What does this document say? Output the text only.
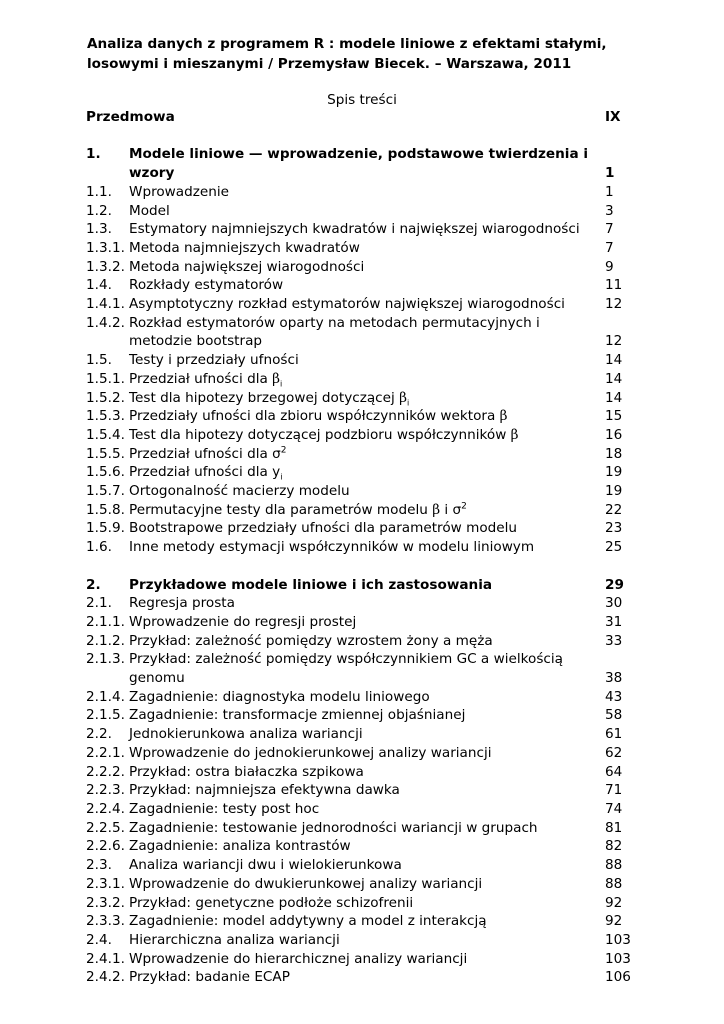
Analiza danych z programem R : modele liniowe z efektami stałymi,
losowymi i mieszanymi / Przemysław Biecek. – Warszawa, 2011
Spis treści
Przedmowa	IX
1.	Modele liniowe — wprowadzenie, podstawowe twierdzenia i wzory	1
1.1.	Wprowadzenie	1
1.2.	Model	3
1.3.	Estymatory najmniejszych kwadratów i największej wiarogodności	7
1.3.1. Metoda najmniejszych kwadratów	7
1.3.2. Metoda największej wiarogodności	9
1.4.	Rozkłady estymatorów	11
1.4.1. Asymptotyczny rozkład estymatorów największej wiarogodności	12
1.4.2. Rozkład estymatorów oparty na metodach permutacyjnych i metodzie bootstrap	12
1.5.	Testy i przedziały ufności	14
1.5.1. Przedział ufności dla $\beta_i$	14
1.5.2. Test dla hipotezy brzegowej dotyczącej $\beta_i$	14
1.5.3. Przedziały ufności dla zbioru współczynników wektora β	15
1.5.4. Test dla hipotezy dotyczącej podzbioru współczynników β	16
1.5.5. Przedział ufności dla $\sigma^2$	18
1.5.6. Przedział ufności dla $y_i$	19
1.5.7. Ortogonalność macierzy modelu	19
1.5.8. Permutacyjne testy dla parametrów modelu β i $\sigma^2$	22
1.5.9. Bootstrapowe przedziały ufności dla parametrów modelu	23
1.6.	Inne metody estymacji współczynników w modelu liniowym	25
2.	Przykładowe modele liniowe i ich zastosowania	29
2.1.	Regresja prosta	30
2.1.1. Wprowadzenie do regresji prostej	31
2.1.2. Przykład: zależność pomiędzy wzrostem żony a męża	33
2.1.3. Przykład: zależność pomiędzy współczynnikiem GC a wielkością genomu	38
2.1.4. Zagadnienie: diagnostyka modelu liniowego	43
2.1.5. Zagadnienie: transformacje zmiennej objaśnianej	58
2.2.	Jednokierunkowa analiza wariancji	61
2.2.1. Wprowadzenie do jednokierunkowej analizy wariancji	62
2.2.2. Przykład: ostra białaczka szpikowa	64
2.2.3. Przykład: najmniejsza efektywna dawka	71
2.2.4. Zagadnienie: testy post hoc	74
2.2.5. Zagadnienie: testowanie jednorodności wariancji w grupach	81
2.2.6. Zagadnienie: analiza kontrastów	82
2.3.	Analiza wariancji dwu i wielokierunkowa	88
2.3.1. Wprowadzenie do dwukierunkowej analizy wariancji	88
2.3.2. Przykład: genetyczne podłoże schizofrenii	92
2.3.3. Zagadnienie: model addytywny a model z interakcją	92
2.4.	Hierarchiczna analiza wariancji	103
2.4.1. Wprowadzenie do hierarchicznej analizy wariancji	103
2.4.2. Przykład: badanie ECAP	106
